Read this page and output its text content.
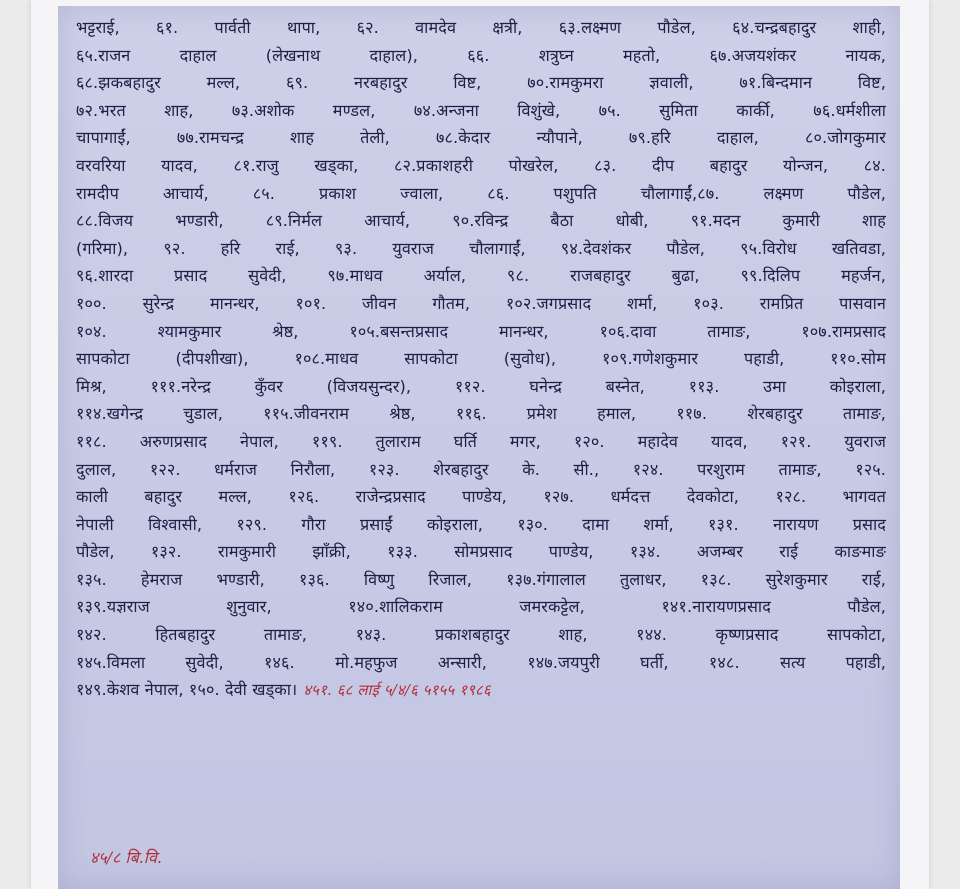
भट्टराई, ६१. पार्वती थापा, ६२. वामदेव क्षत्री, ६३.लक्ष्मण पौडेल, ६४.चन्द्रबहादुर शाही,
६५.राजन दाहाल (लेखनाथ दाहाल), ६६. शत्रुघ्न महतो, ६७.अजयशंकर नायक,
६८.झकबहादुर मल्ल, ६९. नरबहादुर विष्ट, ७०.रामकुमरा ज्ञवाली, ७१.बिन्दमान विष्ट,
७२.भरत शाह, ७३.अशोक मण्डल, ७४.अन्जना विशुंखे, ७५. सुमिता कार्की, ७६.धर्मशीला
चापागाईं, ७७.रामचन्द्र शाह तेली, ७८.केदार न्यौपाने, ७९.हरि दाहाल, ८०.जोगकुमार
वरवरिया यादव, ८१.राजु खड्का, ८२.प्रकाशहरी पोखरेल, ८३. दीप बहादुर योन्जन, ८४.
रामदीप आचार्य, ८५. प्रकाश ज्वाला, ८६. पशुपति चौलागाईं,८७. लक्ष्मण पौडेल,
८८.विजय भण्डारी, ८९.निर्मल आचार्य, ९०.रविन्द्र बैठा धोबी, ९१.मदन कुमारी शाह
(गरिमा), ९२. हरि राई, ९३. युवराज चौलागाईं, ९४.देवशंकर पौडेल, ९५.विरोध खतिवडा,
९६.शारदा प्रसाद सुवेदी, ९७.माधव अर्याल, ९८. राजबहादुर बुढा, ९९.दिलिप महर्जन,
१००. सुरेन्द्र मानन्धर, १०१. जीवन गौतम, १०२.जगप्रसाद शर्मा, १०३. रामप्रित पासवान
१०४. श्यामकुमार श्रेष्ठ, १०५.बसन्तप्रसाद मानन्धर, १०६.दावा तामाङ, १०७.रामप्रसाद
सापकोटा (दीपशीखा), १०८.माधव सापकोटा (सुवोध), १०९.गणेशकुमार पहाडी, ११०.सोम
मिश्र, १११.नरेन्द्र कुँवर (विजयसुन्दर), ११२. घनेन्द्र बस्नेत, ११३. उमा कोइराला,
११४.खगेन्द्र चुडाल, ११५.जीवनराम श्रेष्ठ, ११६. प्रमेश हमाल, ११७. शेरबहादुर तामाङ,
११८. अरुणप्रसाद नेपाल, ११९. तुलाराम घर्ति मगर, १२०. महादेव यादव, १२१. युवराज
दुलाल, १२२. धर्मराज निरौला, १२३. शेरबहादुर के. सी., १२४. परशुराम तामाङ, १२५.
काली बहादुर मल्ल, १२६. राजेन्द्रप्रसाद पाण्डेय, १२७. धर्मदत्त देवकोटा, १२८. भागवत
नेपाली विश्वासी, १२९. गौरा प्रसाईं कोइराला, १३०. दामा शर्मा, १३१. नारायण प्रसाद
पौडेल, १३२. रामकुमारी झाँक्री, १३३. सोमप्रसाद पाण्डेय, १३४. अजम्बर राई काङमाङ
१३५. हेमराज भण्डारी, १३६. विष्णु रिजाल, १३७.गंगालाल तुलाधर, १३८. सुरेशकुमार राई,
१३९.यज्ञराज शुनुवार, १४०.शालिकराम जमरकट्टेल, १४१.नारायणप्रसाद पौडेल,
१४२. हितबहादुर तामाङ, १४३. प्रकाशबहादुर शाह, १४४. कृष्णप्रसाद सापकोटा,
१४५.विमला सुवेदी, १४६. मो.महफुज अन्सारी, १४७.जयपुरी घर्ती, १४८. सत्य पहाडी,
१४९.केशव नेपाल, १५०. देवी खड्का। ४५१. ६८ लाई ५/४/६ ५१५५ १९८६
४५/८ बि.वि.
